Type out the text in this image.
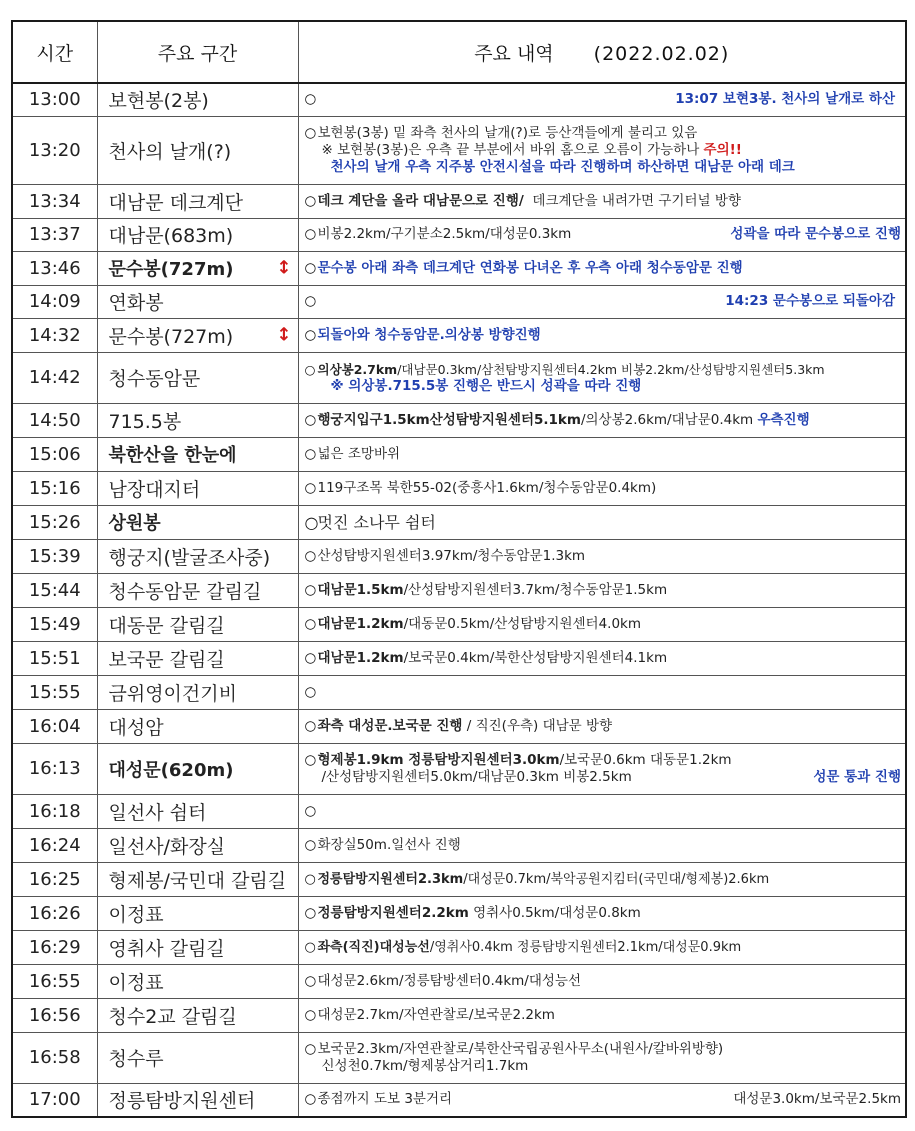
시간	주요 구간	주요 내역 (2022.02.02)
13:00	보현봉(2봉)	○ 13:07 보현3봉. 천사의 날개로 하산

13:20	천사의 날개(?)	○ 보현봉(3봉) 밑 좌측 천사의 날개(?)로 등산객들에게 불리고 있음
※ 보현봉(3봉)은 우측 끝 부분에서 바위 홈으로 오름이 가능하나
주의!!
천사의 날개 우측 지주봉 안전시설을 따라 진행하며 하산하면 대남문 아래 데크

13:34	대남문 데크계단	○ 데크 계단을 올라 대남문으로 진행/
데크계단을 내려가면 구기터널 방향

13:37	대남문(683m)	○ 비봉2.2km/구기분소2.5km/대성문0.3km 성곽을 따라 문수봉으로 진행

13:46	문수봉(727m) ↕	○ 문수봉 아래 좌측 데크계단 연화봉 다녀온 후 우측 아래 청수동암문 진행

14:09	연화봉	○ 14:23 문수봉으로 되돌아감

14:32	문수봉(727m) ↕	○ 되돌아와 청수동암문.의상봉 방향진행

14:42	청수동암문	○ 의상봉2.7km /대남문0.3km/삼천탐방지원센터4.2km 비봉2.2km/산성탐방지원센터5.3km
※ 의상봉.715.5봉 진행은 반드시 성곽을 따라 진행

14:50	715.5봉	○ 행궁지입구1.5km산성탐방지원센터5.1km /의상봉2.6km/대남문0.4km
우측진행

15:06	북한산을 한눈에	○ 넓은 조망바위

15:16	남장대지터	○ 119구조목 북한55-02(중흥사1.6km/청수동암문0.4km)

15:26	상원봉	○ 멋진 소나무 쉼터

15:39	행궁지(발굴조사중)	○ 산성탐방지원센터3.97km/청수동암문1.3km

15:44	청수동암문 갈림길	○ 대남문1.5km /산성탐방지원센터3.7km/청수동암문1.5km

15:49	대동문 갈림길	○ 대남문1.2km /대동문0.5km/산성탐방지원센터4.0km

15:51	보국문 갈림길	○ 대남문1.2km /보국문0.4km/북한산성탐방지원센터4.1km

15:55	금위영이건기비	○

16:04	대성암	○ 좌측 대성문.보국문 진행
/ 직진(우측) 대남문 방향

16:13	대성문(620m)	○ 형제봉1.9km 정릉탐방지원센터3.0km /보국문0.6km 대동문1.2km
/산성탐방지원센터5.0km/대남문0.3km 비봉2.5km 성문 통과 진행

16:18	일선사 쉼터	○

16:24	일선사/화장실	○ 화장실50m.일선사 진행

16:25	형제봉/국민대 갈림길	○ 정릉탐방지원센터2.3km /대성문0.7km/북악공원지킴터(국민대/형제봉)2.6km

16:26	이정표	○ 정릉탐방지원센터2.2km
영취사0.5km/대성문0.8km

16:29	영취사 갈림길	○ 좌측(직진)대성능선 /영취사0.4km 정릉탐방지원센터2.1km/대성문0.9km

16:55	이정표	○ 대성문2.6km/정릉탐방센터0.4km/대성능선

16:56	청수2교 갈림길	○ 대성문2.7km/자연관찰로/보국문2.2km

16:58	청수루	○ 보국문2.3km/자연관찰로/북한산국립공원사무소(내원사/칼바위방향)
신성천0.7km/형제봉삼거리1.7km

17:00	정릉탐방지원센터	○ 종점까지 도보 3분거리 대성문3.0km/보국문2.5km
